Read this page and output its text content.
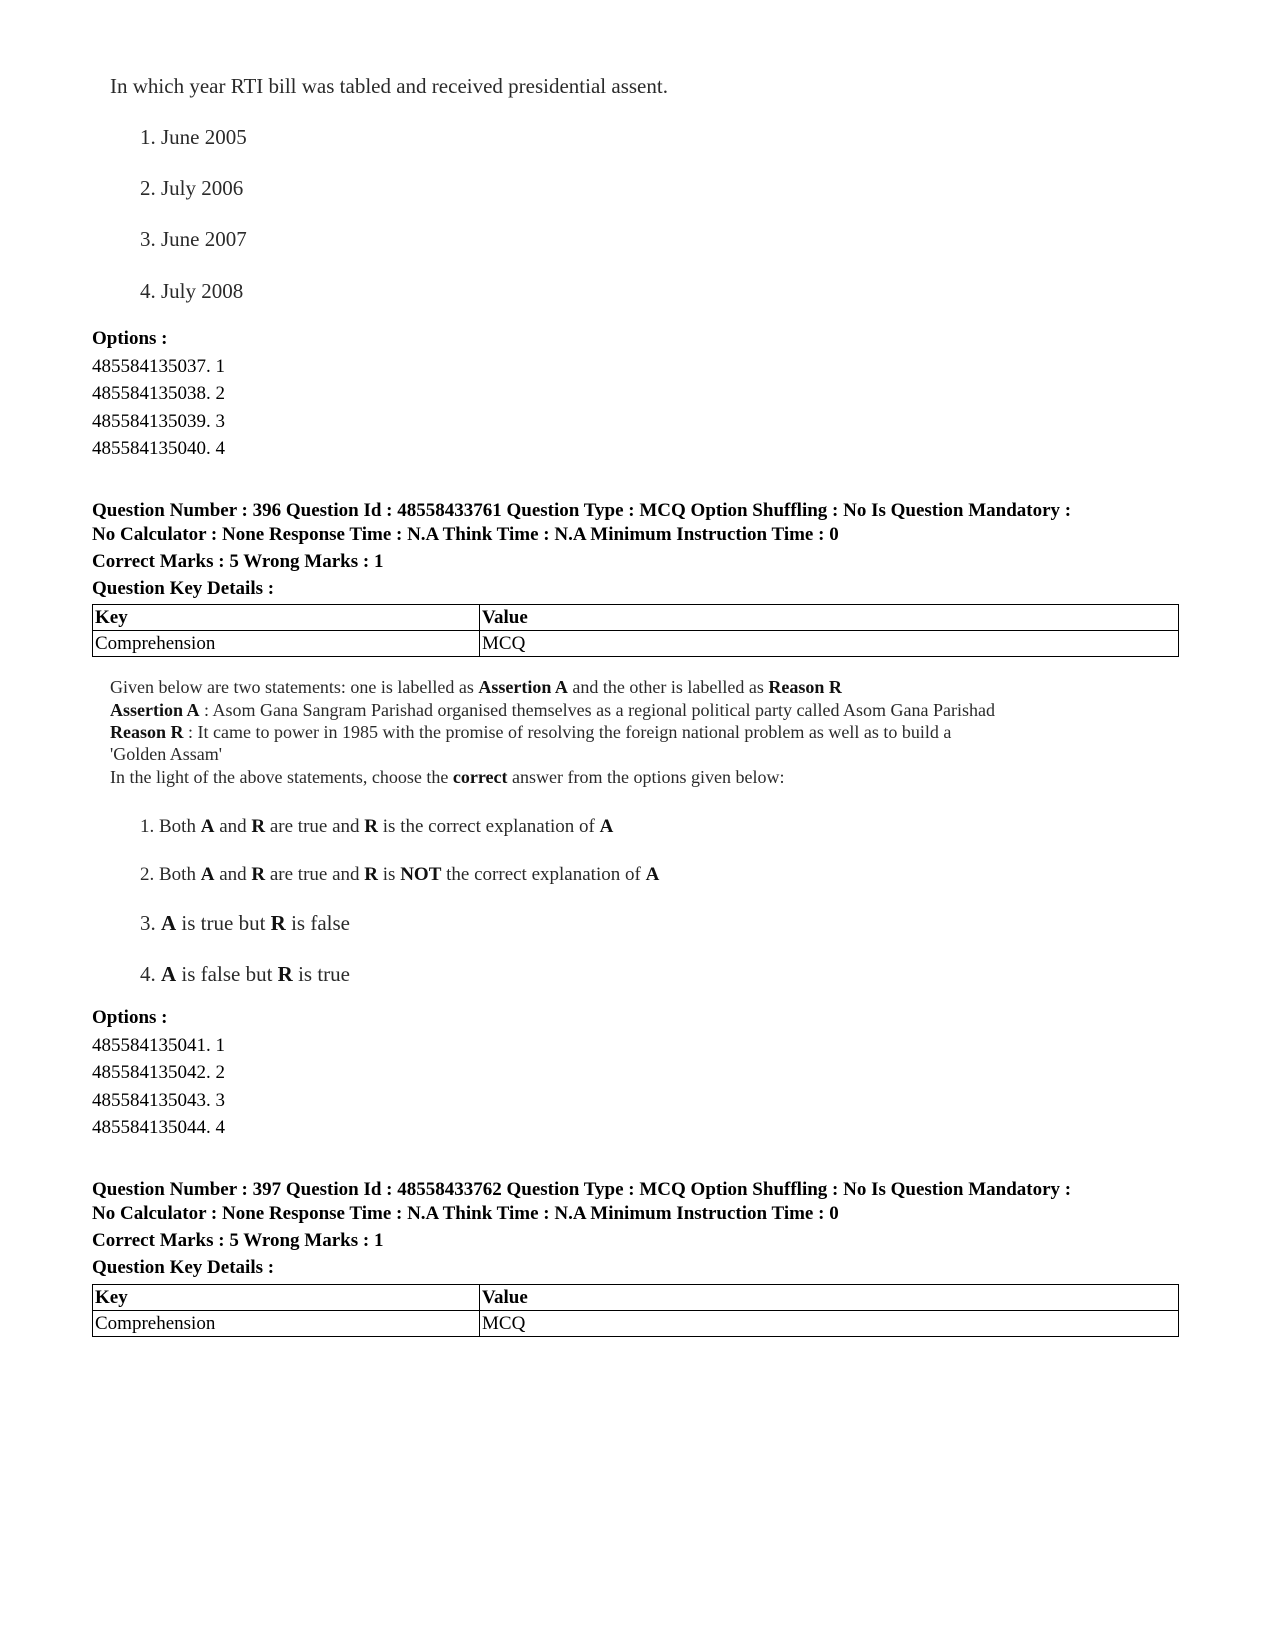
In which year RTI bill was tabled and received presidential assent.
1. June 2005
2. July 2006
3. June 2007
4. July 2008
Options :
485584135037. 1
485584135038. 2
485584135039. 3
485584135040. 4
Question Number : 396 Question Id : 48558433761 Question Type : MCQ Option Shuffling : No Is Question Mandatory :
No Calculator : None Response Time : N.A Think Time : N.A Minimum Instruction Time : 0
Correct Marks : 5 Wrong Marks : 1
Question Key Details :
Key	Value
Comprehension	MCQ
Given below are two statements: one is labelled as Assertion A and the other is labelled as Reason R
Assertion A : Asom Gana Sangram Parishad organised themselves as a regional political party called Asom Gana Parishad
Reason R : It came to power in 1985 with the promise of resolving the foreign national problem as well as to build a
'Golden Assam'
In the light of the above statements, choose the correct answer from the options given below:
1. Both A and R are true and R is the correct explanation of A
2. Both A and R are true and R is NOT the correct explanation of A
3. A is true but R is false
4. A is false but R is true
Options :
485584135041. 1
485584135042. 2
485584135043. 3
485584135044. 4
Question Number : 397 Question Id : 48558433762 Question Type : MCQ Option Shuffling : No Is Question Mandatory :
No Calculator : None Response Time : N.A Think Time : N.A Minimum Instruction Time : 0
Correct Marks : 5 Wrong Marks : 1
Question Key Details :
Key	Value
Comprehension	MCQ
